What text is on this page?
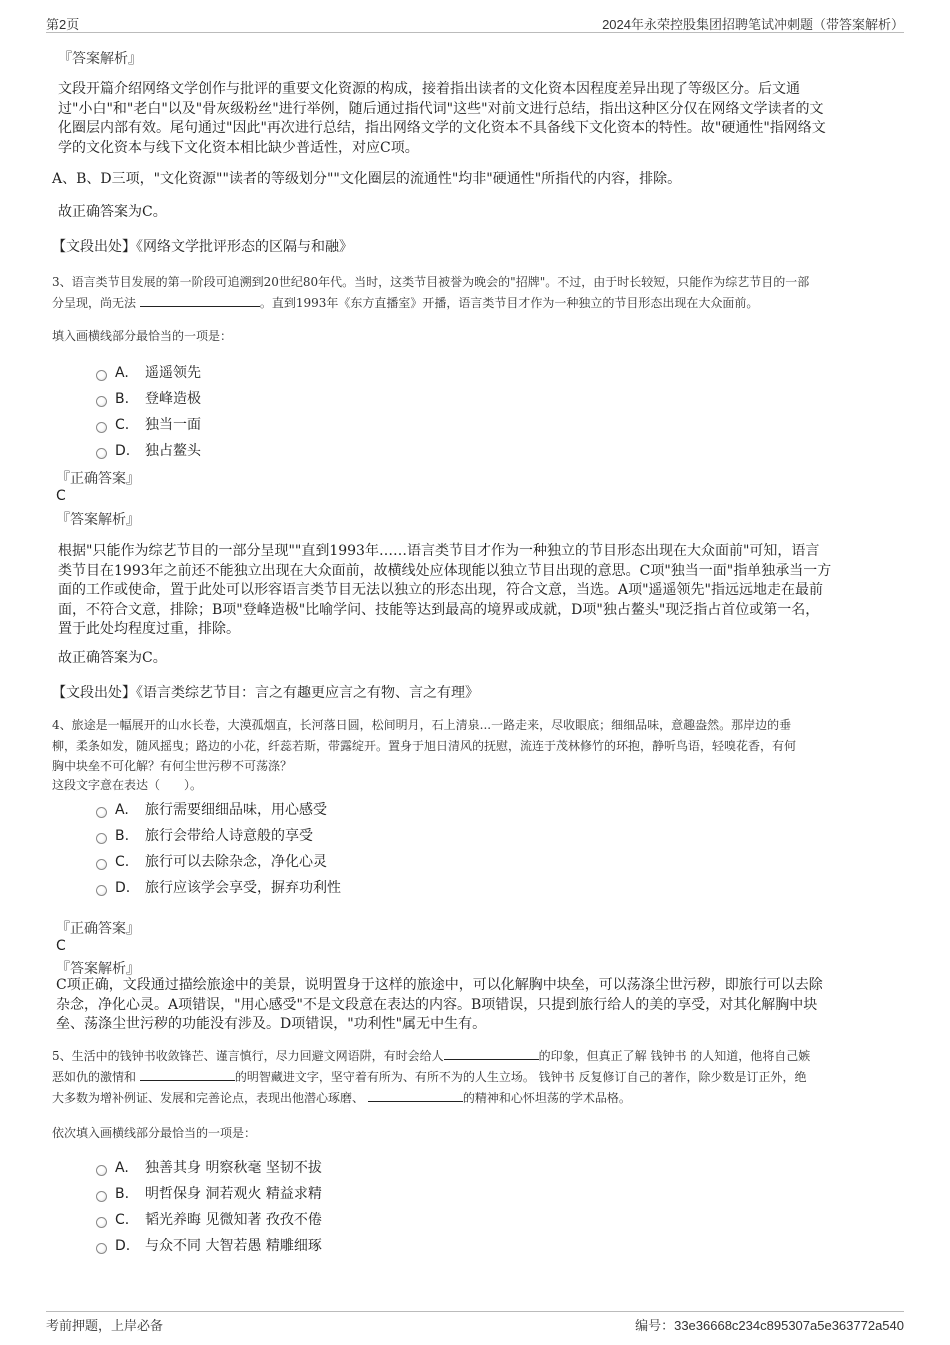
第2页	2024年永荣控股集团招聘笔试冲刺题（带答案解析）
『答案解析』
文段开篇介绍网络文学创作与批评的重要文化资源的构成，接着指出读者的文化资本因程度差异出现了等级区分。后文通
过"小白"和"老白"以及"骨灰级粉丝"进行举例，随后通过指代词"这些"对前文进行总结，指出这种区分仅在网络文学读者的文
化圈层内部有效。尾句通过"因此"再次进行总结，指出网络文学的文化资本不具备线下文化资本的特性。故"硬通性"指网络文
学的文化资本与线下文化资本相比缺少普适性，对应C项。
A、B、D三项，"文化资源""读者的等级划分""文化圈层的流通性"均非"硬通性"所指代的内容，排除。
故正确答案为C。
【文段出处】《网络文学批评形态的区隔与和融》
3、语言类节目发展的第一阶段可追溯到20世纪80年代。当时，这类节目被誉为晚会的"招牌"。不过，由于时长较短，只能作为综艺节目的一部
分呈现，尚无法	。直到1993年《东方直播室》开播，语言类节目才作为一种独立的节目形态出现在大众面前。
填入画横线部分最恰当的一项是：
A. 遥遥领先
B. 登峰造极
C. 独当一面
D. 独占鳌头
『正确答案』
C
『答案解析』
根据"只能作为综艺节目的一部分呈现""直到1993年……语言类节目才作为一种独立的节目形态出现在大众面前"可知，语言
类节目在1993年之前还不能独立出现在大众面前，故横线处应体现能以独立节目出现的意思。C项"独当一面"指单独承当一方
面的工作或使命，置于此处可以形容语言类节目无法以独立的形态出现，符合文意，当选。A项"遥遥领先"指远远地走在最前
面，不符合文意，排除；B项"登峰造极"比喻学问、技能等达到最高的境界或成就，D项"独占鳌头"现泛指占首位或第一名，
置于此处均程度过重，排除。
故正确答案为C。
【文段出处】《语言类综艺节目：言之有趣更应言之有物、言之有理》
4、旅途是一幅展开的山水长卷，大漠孤烟直，长河落日圆，松间明月，石上清泉...一路走来，尽收眼底；细细品味，意趣盎然。那岸边的垂
柳，柔条如发，随风摇曳；路边的小花，纤蕊若斯，带露绽开。置身于旭日清风的抚慰，流连于茂林修竹的环抱，静听鸟语，轻嗅花香，有何
胸中块垒不可化解？有何尘世污秽不可荡涤？
这段文字意在表达（　　）。
A. 旅行需要细细品味，用心感受
B. 旅行会带给人诗意般的享受
C. 旅行可以去除杂念，净化心灵
D. 旅行应该学会享受，摒弃功利性
『正确答案』
C
『答案解析』
C项正确，文段通过描绘旅途中的美景，说明置身于这样的旅途中，可以化解胸中块垒，可以荡涤尘世污秽，即旅行可以去除
杂念，净化心灵。A项错误，"用心感受"不是文段意在表达的内容。B项错误，只提到旅行给人的美的享受，对其化解胸中块
垒、荡涤尘世污秽的功能没有涉及。D项错误，"功利性"属无中生有。
5、生活中的钱钟书收敛锋芒、谨言慎行，尽力回避文网语阱，有时会给人	的印象，但真正了解 钱钟书 的人知道，他将自己嫉
恶如仇的激情和	的明智藏进文字，坚守着有所为、有所不为的人生立场。 钱钟书 反复修订自己的著作，除少数是订正外，绝
大多数为增补例证、发展和完善论点，表现出他潜心琢磨、	的精神和心怀坦荡的学术品格。
依次填入画横线部分最恰当的一项是：
A. 独善其身 明察秋毫 坚韧不拔
B. 明哲保身 洞若观火 精益求精
C. 韬光养晦 见微知著 孜孜不倦
D. 与众不同 大智若愚 精雕细琢
考前押题，上岸必备	编号：33e36668c234c895307a5e363772a540
